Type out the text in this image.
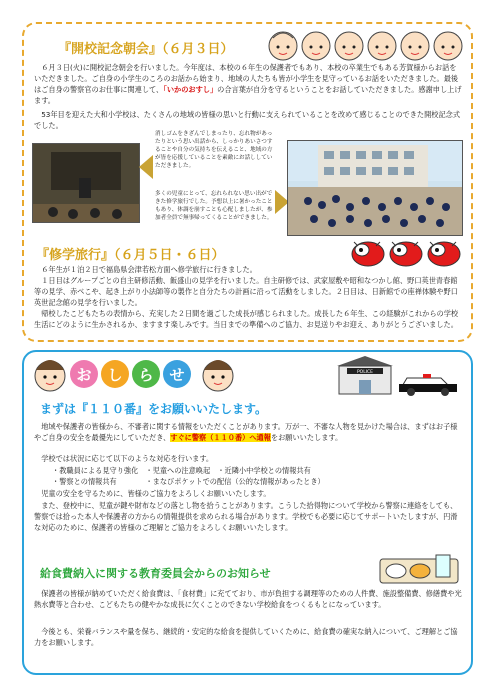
『開校記念朝会』（６月３日）
　６月３日(火)に開校記念朝会を行いました。今年度は、本校の６年生の保護者でもあり、本校の卒業生でもある芳賀様からお話をいただきました。ご自身の小学生のころのお話から始まり、地域の人たちも皆が小学生を見守っているお話をいただきました。最後はご自身の警察官のお仕事に関連して、「いかのおすし」の合言葉が自分を守るということをお話していただきました。感謝申し上げます。
　53年目を迎えた大和小学校は、たくさんの地域の皆様の思いと行動に支えられていることを改めて感じることのできた開校記念式でした。
消しゴムをきざんでしまったり、忘れ物があったりという思い出話から、しっかりあいさつすることや自分の気持ちを伝えること、地域の方が皆を応援していることを素敵にお話ししていただきました。
多くの児童にとって、忘れられない思い出ができた修学旅行でした。予想以上に暑かったこともあり、体調を崩すことも心配しましたが、参加者全員で無事帰ってくることができました。
『修学旅行』（６月５日・６日）
　６年生が１泊２日で福島県会津若松方面へ修学旅行に行きました。
　１日目はグループごとの自主研修活動、飯盛山の見学を行いました。自主研修では、武家屋敷や昭和なつかし館、野口英世青春館等の見学、赤べこや、起き上がり小法師等の製作と自分たちの計画に沿って活動をしました。２日目は、日新館での座禅体験や野口英世記念館の見学を行いました。
　帰校したこどもたちの表情から、充実した２日間を過ごした成長が感じられました。成長した６年生、この経験がこれからの学校生活にどのように生かされるか、ますます楽しみです。当日までの準備へのご協力、お見送りやお迎え、ありがとうございました。
お	し	ら	せ	POLICE
まずは『１１０番』をお願いいたします。
　地域や保護者の皆様から、不審者に関する情報をいただくことがあります。万が一、不審な人物を見かけた場合は、まずはお子様やご自身の安全を最優先にしていただき、すぐに警察（１１０番）へ通報をお願いいたします。
　学校では状況に応じて以下のような対応を行います。
・教職員による見守り強化　・児童への注意喚起　・近隣小中学校との情報共有
・警察との情報共有　　　　・まなびポケットでの配信（公的な情報があったとき）
　児童の安全を守るために、皆様のご協力をよろしくお願いいたします。
　また、登校中に、児童が鍵や財布などの落とし物を拾うことがあります。こうした拾得物について学校から警察に連絡をしても、警察では拾った本人や保護者の方からの情報提供を求められる場合があります。学校でも必要に応じてサポートいたしますが、円滑な対応のために、保護者の皆様のご理解とご協力をよろしくお願いいたします。
給食費納入に関する教育委員会からのお知らせ
　保護者の皆様が納めていただく給食費は、「食材費」に充てており、市が負担する調理等のための人件費、施設整備費、修繕費や光熱水費等と合わせ、こどもたちの健やかな成長に欠くことのできない学校給食をつくるもとになっています。
　今後とも、栄養バランスや量を保ち、継続的・安定的な給食を提供していくために、給食費の確実な納入について、ご理解とご協力をお願いします。
